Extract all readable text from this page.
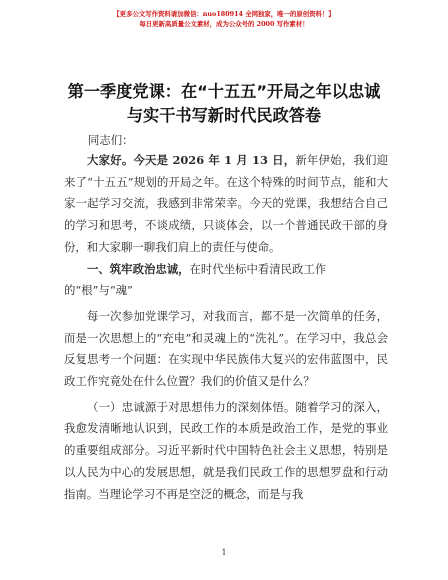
【更多公文写作资料请加微信：nuo180914 全网独家，唯一的原创资料！】
每日更新高质量公文素材，成为公众号的 2000 写作素材！
第一季度党课：在“十五五”开局之年以忠诚
与实干书写新时代民政答卷
同志们：

大家好。今天是 2026 年 1 月 13 日，新年伊始，我们迎来了“十五五”规划的开局之年。在这个特殊的时间节点，能和大家一起学习交流，我感到非常荣幸。今天的党课，我想结合自己的学习和思考，不谈成绩，只谈体会，以一个普通民政干部的身份，和大家聊一聊我们肩上的责任与使命。

一、筑牢政治忠诚，在时代坐标中看清民政工作的“根”与“魂”

每一次参加党课学习，对我而言，都不是一次简单的任务，而是一次思想上的“充电”和灵魂上的“洗礼”。在学习中，我总会反复思考一个问题：在实现中华民族伟大复兴的宏伟蓝图中，民政工作究竟处在什么位置？我们的价值又是什么？

（一）忠诚源于对思想伟力的深刻体悟。随着学习的深入，我愈发清晰地认识到，民政工作的本质是政治工作，是党的事业的重要组成部分。习近平新时代中国特色社会主义思想，特别是以人民为中心的发展思想，就是我们民政工作的思想罗盘和行动指南。当理论学习不再是空泛的概念，而是与我

1
